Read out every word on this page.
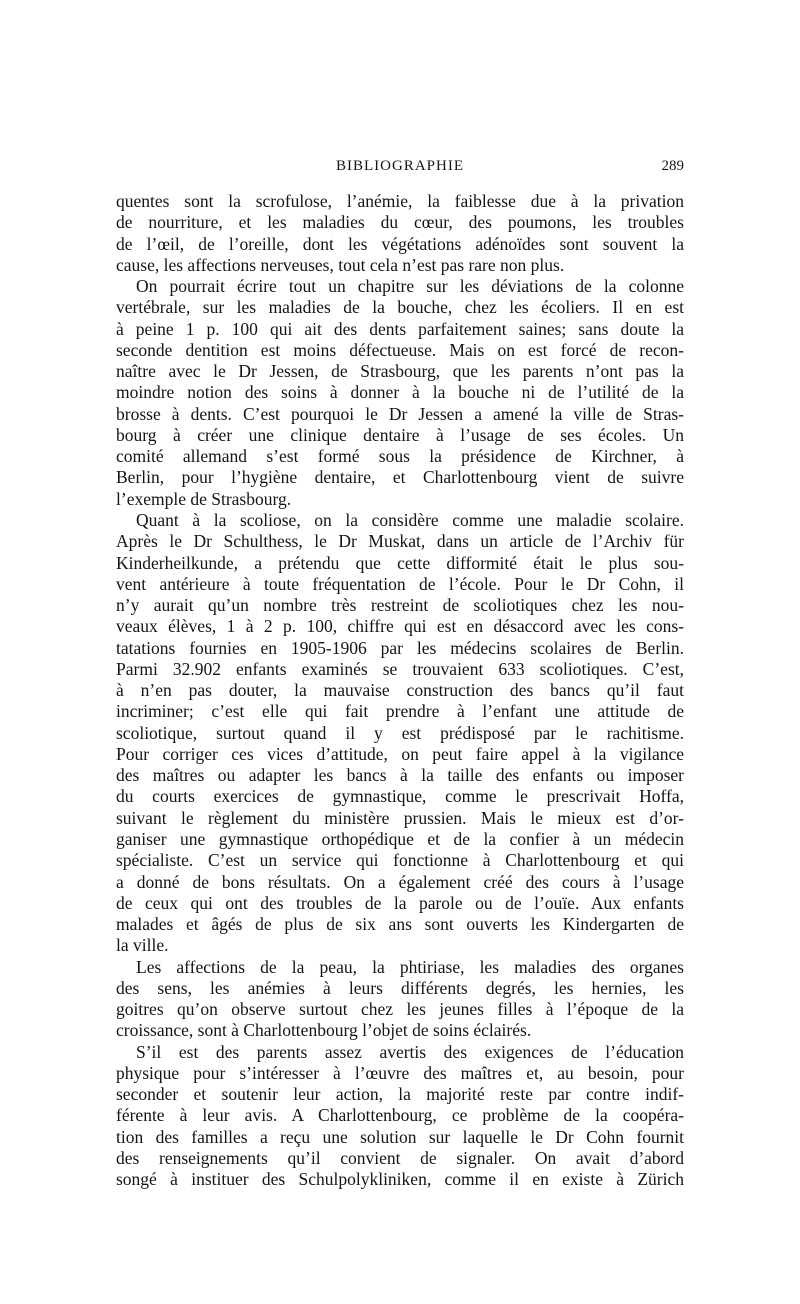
BIBLIOGRAPHIE	289
quentes sont la scrofulose, l’anémie, la faiblesse due à la privation
de nourriture, et les maladies du cœur, des poumons, les troubles
de l’œil, de l’oreille, dont les végétations adénoïdes sont souvent la
cause, les affections nerveuses, tout cela n’est pas rare non plus.
On pourrait écrire tout un chapitre sur les déviations de la colonne
vertébrale, sur les maladies de la bouche, chez les écoliers. Il en est
à peine 1 p. 100 qui ait des dents parfaitement saines; sans doute la
seconde dentition est moins défectueuse. Mais on est forcé de recon-
naître avec le Dr Jessen, de Strasbourg, que les parents n’ont pas la
moindre notion des soins à donner à la bouche ni de l’utilité de la
brosse à dents. C’est pourquoi le Dr Jessen a amené la ville de Stras-
bourg à créer une clinique dentaire à l’usage de ses écoles. Un
comité allemand s’est formé sous la présidence de Kirchner, à
Berlin, pour l’hygiène dentaire, et Charlottenbourg vient de suivre
l’exemple de Strasbourg.
Quant à la scoliose, on la considère comme une maladie scolaire.
Après le Dr Schulthess, le Dr Muskat, dans un article de l’Archiv für
Kinderheilkunde, a prétendu que cette difformité était le plus sou-
vent antérieure à toute fréquentation de l’école. Pour le Dr Cohn, il
n’y aurait qu’un nombre très restreint de scoliotiques chez les nou-
veaux élèves, 1 à 2 p. 100, chiffre qui est en désaccord avec les cons-
tatations fournies en 1905-1906 par les médecins scolaires de Berlin.
Parmi 32.902 enfants examinés se trouvaient 633 scoliotiques. C’est,
à n’en pas douter, la mauvaise construction des bancs qu’il faut
incriminer; c’est elle qui fait prendre à l’enfant une attitude de
scoliotique, surtout quand il y est prédisposé par le rachitisme.
Pour corriger ces vices d’attitude, on peut faire appel à la vigilance
des maîtres ou adapter les bancs à la taille des enfants ou imposer
du courts exercices de gymnastique, comme le prescrivait Hoffa,
suivant le règlement du ministère prussien. Mais le mieux est d’or-
ganiser une gymnastique orthopédique et de la confier à un médecin
spécialiste. C’est un service qui fonctionne à Charlottenbourg et qui
a donné de bons résultats. On a également créé des cours à l’usage
de ceux qui ont des troubles de la parole ou de l’ouïe. Aux enfants
malades et âgés de plus de six ans sont ouverts les Kindergarten de
la ville.
Les affections de la peau, la phtiriase, les maladies des organes
des sens, les anémies à leurs différents degrés, les hernies, les
goitres qu’on observe surtout chez les jeunes filles à l’époque de la
croissance, sont à Charlottenbourg l’objet de soins éclairés.
S’il est des parents assez avertis des exigences de l’éducation
physique pour s’intéresser à l’œuvre des maîtres et, au besoin, pour
seconder et soutenir leur action, la majorité reste par contre indif-
férente à leur avis. A Charlottenbourg, ce problème de la coopéra-
tion des familles a reçu une solution sur laquelle le Dr Cohn fournit
des renseignements qu’il convient de signaler. On avait d’abord
songé à instituer des Schulpolykliniken, comme il en existe à Zürich
